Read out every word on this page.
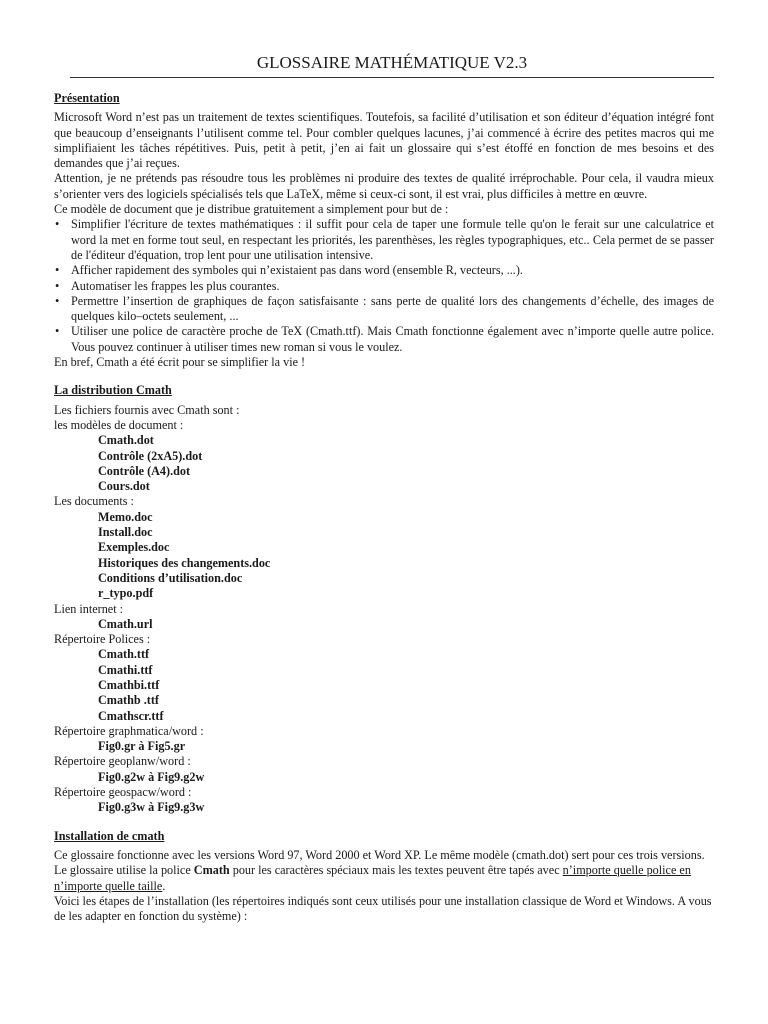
GLOSSAIRE MATHÉMATIQUE V2.3

Présentation

Microsoft Word n’est pas un traitement de textes scientifiques. Toutefois, sa facilité d’utilisation et son éditeur d’équation intégré font que beaucoup d’enseignants l’utilisent comme tel. Pour combler quelques lacunes, j’ai commencé à écrire des petites macros qui me simplifiaient les tâches répétitives. Puis, petit à petit, j’en ai fait un glossaire qui s’est étoffé en fonction de mes besoins et des demandes que j’ai reçues.

Attention, je ne prétends pas résoudre tous les problèmes ni produire des textes de qualité irréprochable. Pour cela, il vaudra mieux s’orienter vers des logiciels spécialisés tels que LaTeX, même si ceux-ci sont, il est vrai, plus difficiles à mettre en œuvre.

Ce modèle de document que je distribue gratuitement a simplement pour but de :

• Simplifier l'écriture de textes mathématiques : il suffit pour cela de taper une formule telle qu'on le ferait sur une calculatrice et word la met en forme tout seul, en respectant les priorités, les parenthèses, les règles typographiques, etc.. Cela permet de se passer de l'éditeur d'équation, trop lent pour une utilisation intensive.
• Afficher rapidement des symboles qui n’existaient pas dans word (ensemble R, vecteurs, ...).
• Automatiser les frappes les plus courantes.
• Permettre l’insertion de graphiques de façon satisfaisante : sans perte de qualité lors des changements d’échelle, des images de quelques kilo–octets seulement, ...
• Utiliser une police de caractère proche de TeX (Cmath.ttf). Mais Cmath fonctionne également avec n’importe quelle autre police. Vous pouvez continuer à utiliser times new roman si vous le voulez.

En bref, Cmath a été écrit pour se simplifier la vie !

La distribution Cmath

Les fichiers fournis avec Cmath sont :

les modèles de document :

Cmath.dot

Contrôle (2xA5).dot

Contrôle (A4).dot

Cours.dot

Les documents :

Memo.doc

Install.doc

Exemples.doc

Historiques des changements.doc

Conditions d’utilisation.doc

r_typo.pdf

Lien internet :

Cmath.url

Répertoire Polices :

Cmath.ttf

Cmathi.ttf

Cmathbi.ttf

Cmathb .ttf

Cmathscr.ttf

Répertoire graphmatica/word :

Fig0.gr à Fig5.gr

Répertoire geoplanw/word :

Fig0.g2w à Fig9.g2w

Répertoire geospacw/word :

Fig0.g3w à Fig9.g3w

Installation de cmath

Ce glossaire fonctionne avec les versions Word 97, Word 2000 et Word XP. Le même modèle (cmath.dot) sert pour ces trois versions. Le glossaire utilise la police Cmath pour les caractères spéciaux mais les textes peuvent être tapés avec n’importe quelle police en n’importe quelle taille.

Voici les étapes de l’installation (les répertoires indiqués sont ceux utilisés pour une installation classique de Word et Windows. A vous de les adapter en fonction du système) :
